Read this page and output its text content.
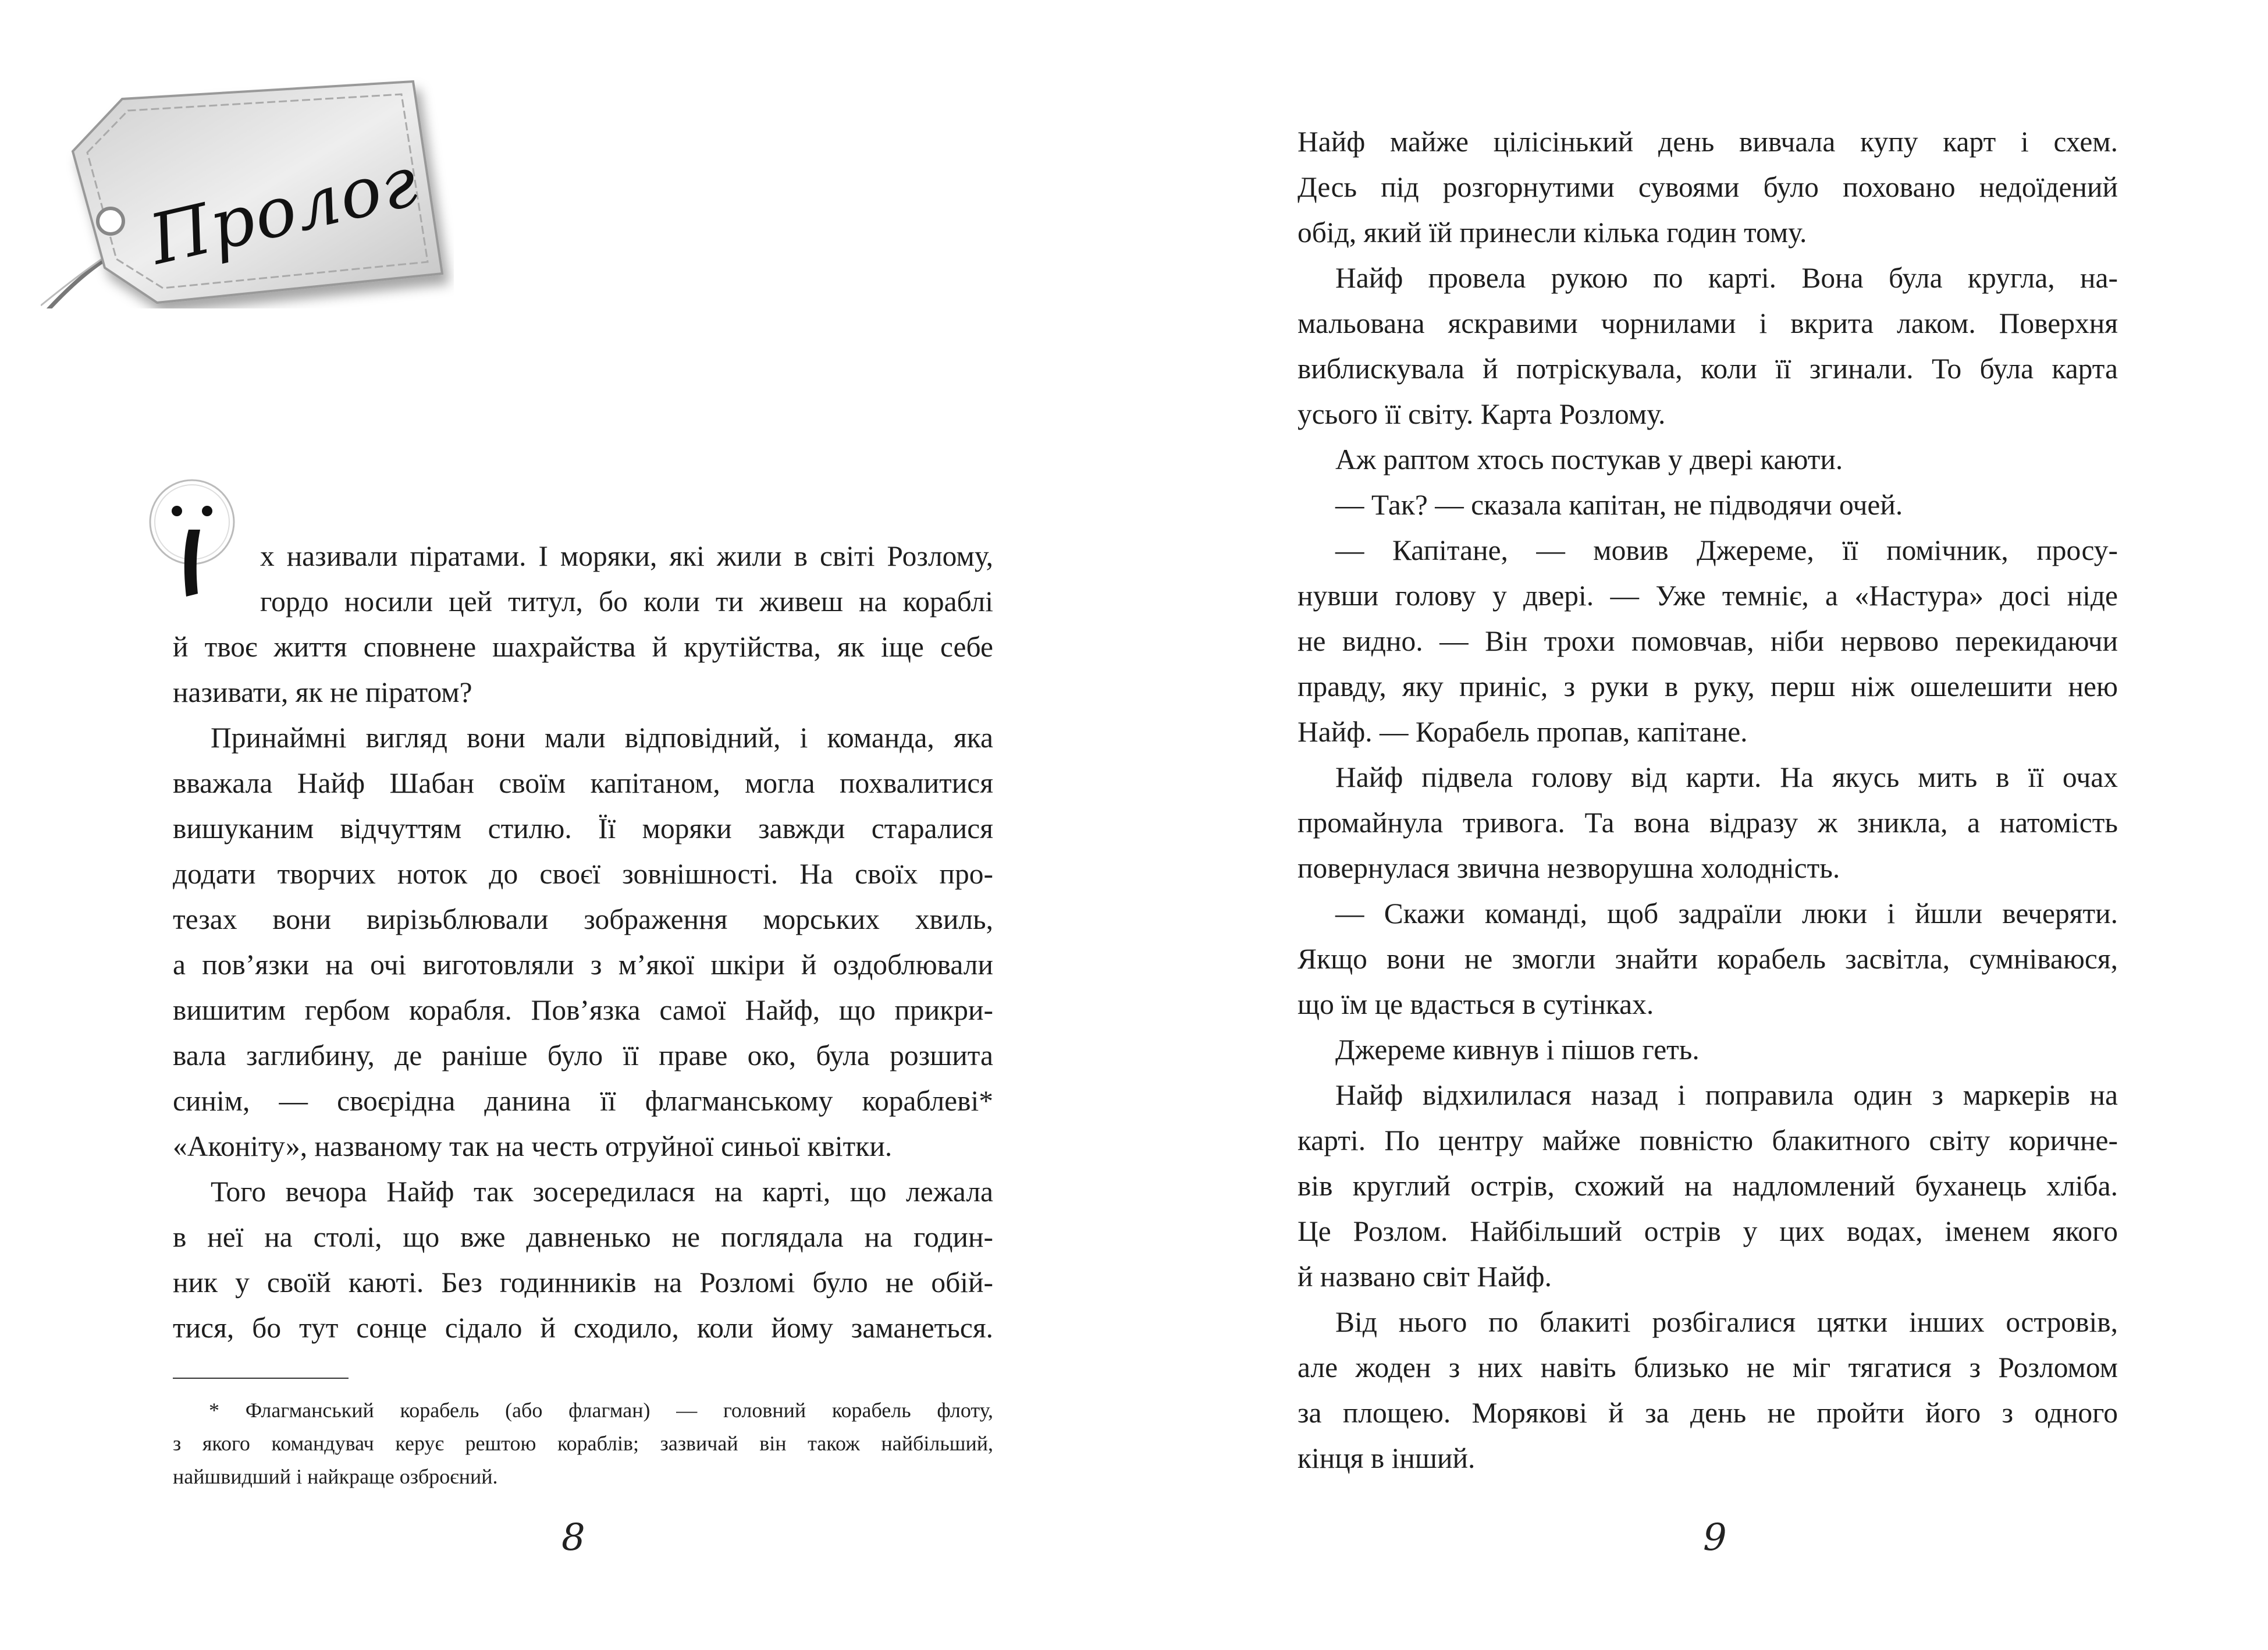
Пролог
х називали піратами. І моряки, які жили в світі Розлому,
гордо носили цей титул, бо коли ти живеш на кораблі
й твоє життя сповнене шахрайства й крутійства, як іще себе
називати, як не піратом?
Принаймні вигляд вони мали відповідний, і команда, яка
вважала Найф Шабан своїм капітаном, могла похвалитися
вишуканим відчуттям стилю. Її моряки завжди старалися
додати творчих ноток до своєї зовнішності. На своїх про-
тезах вони вирізьблювали зображення морських хвиль,
а пов’язки на очі виготовляли з м’якої шкіри й оздоблювали
вишитим гербом корабля. Пов’язка самої Найф, що прикри-
вала заглибину, де раніше було її праве око, була розшита
синім, — своєрідна данина її флагманському кораблеві*
«Аконіту», названому так на честь отруйної синьої квітки.
Того вечора Найф так зосередилася на карті, що лежала
в неї на столі, що вже давненько не поглядала на годин-
ник у своїй каюті. Без годинників на Розломі було не обій-
тися, бо тут сонце сідало й сходило, коли йому заманеться.
* Флагманський корабель (або флагман) — головний корабель флоту,
з якого командувач керує рештою кораблів; зазвичай він також найбільший,
найшвидший і найкраще озброєний.
8
Найф майже цілісінький день вивчала купу карт і схем.
Десь під розгорнутими сувоями було поховано недоїдений
обід, який їй принесли кілька годин тому.
Найф провела рукою по карті. Вона була кругла, на-
мальована яскравими чорнилами і вкрита лаком. Поверхня
виблискувала й потріскувала, коли її згинали. То була карта
усього її світу. Карта Розлому.
Аж раптом хтось постукав у двері каюти.
— Так? — сказала капітан, не підводячи очей.
— Капітане, — мовив Джереме, її помічник, просу-
нувши голову у двері. — Уже темніє, а «Настура» досі ніде
не видно. — Він трохи помовчав, ніби нервово перекидаючи
правду, яку приніс, з руки в руку, перш ніж ошелешити нею
Найф. — Корабель пропав, капітане.
Найф підвела голову від карти. На якусь мить в її очах
промайнула тривога. Та вона відразу ж зникла, а натомість
повернулася звична незворушна холодність.
— Скажи команді, щоб задраїли люки і йшли вечеряти.
Якщо вони не змогли знайти корабель засвітла, сумніваюся,
що їм це вдасться в сутінках.
Джереме кивнув і пішов геть.
Найф відхилилася назад і поправила один з маркерів на
карті. По центру майже повністю блакитного світу коричне-
вів круглий острів, схожий на надломлений буханець хліба.
Це Розлом. Найбільший острів у цих водах, іменем якого
й названо світ Найф.
Від нього по блакиті розбігалися цятки інших островів,
але жоден з них навіть близько не міг тягатися з Розломом
за площею. Морякові й за день не пройти його з одного
кінця в інший.
9
